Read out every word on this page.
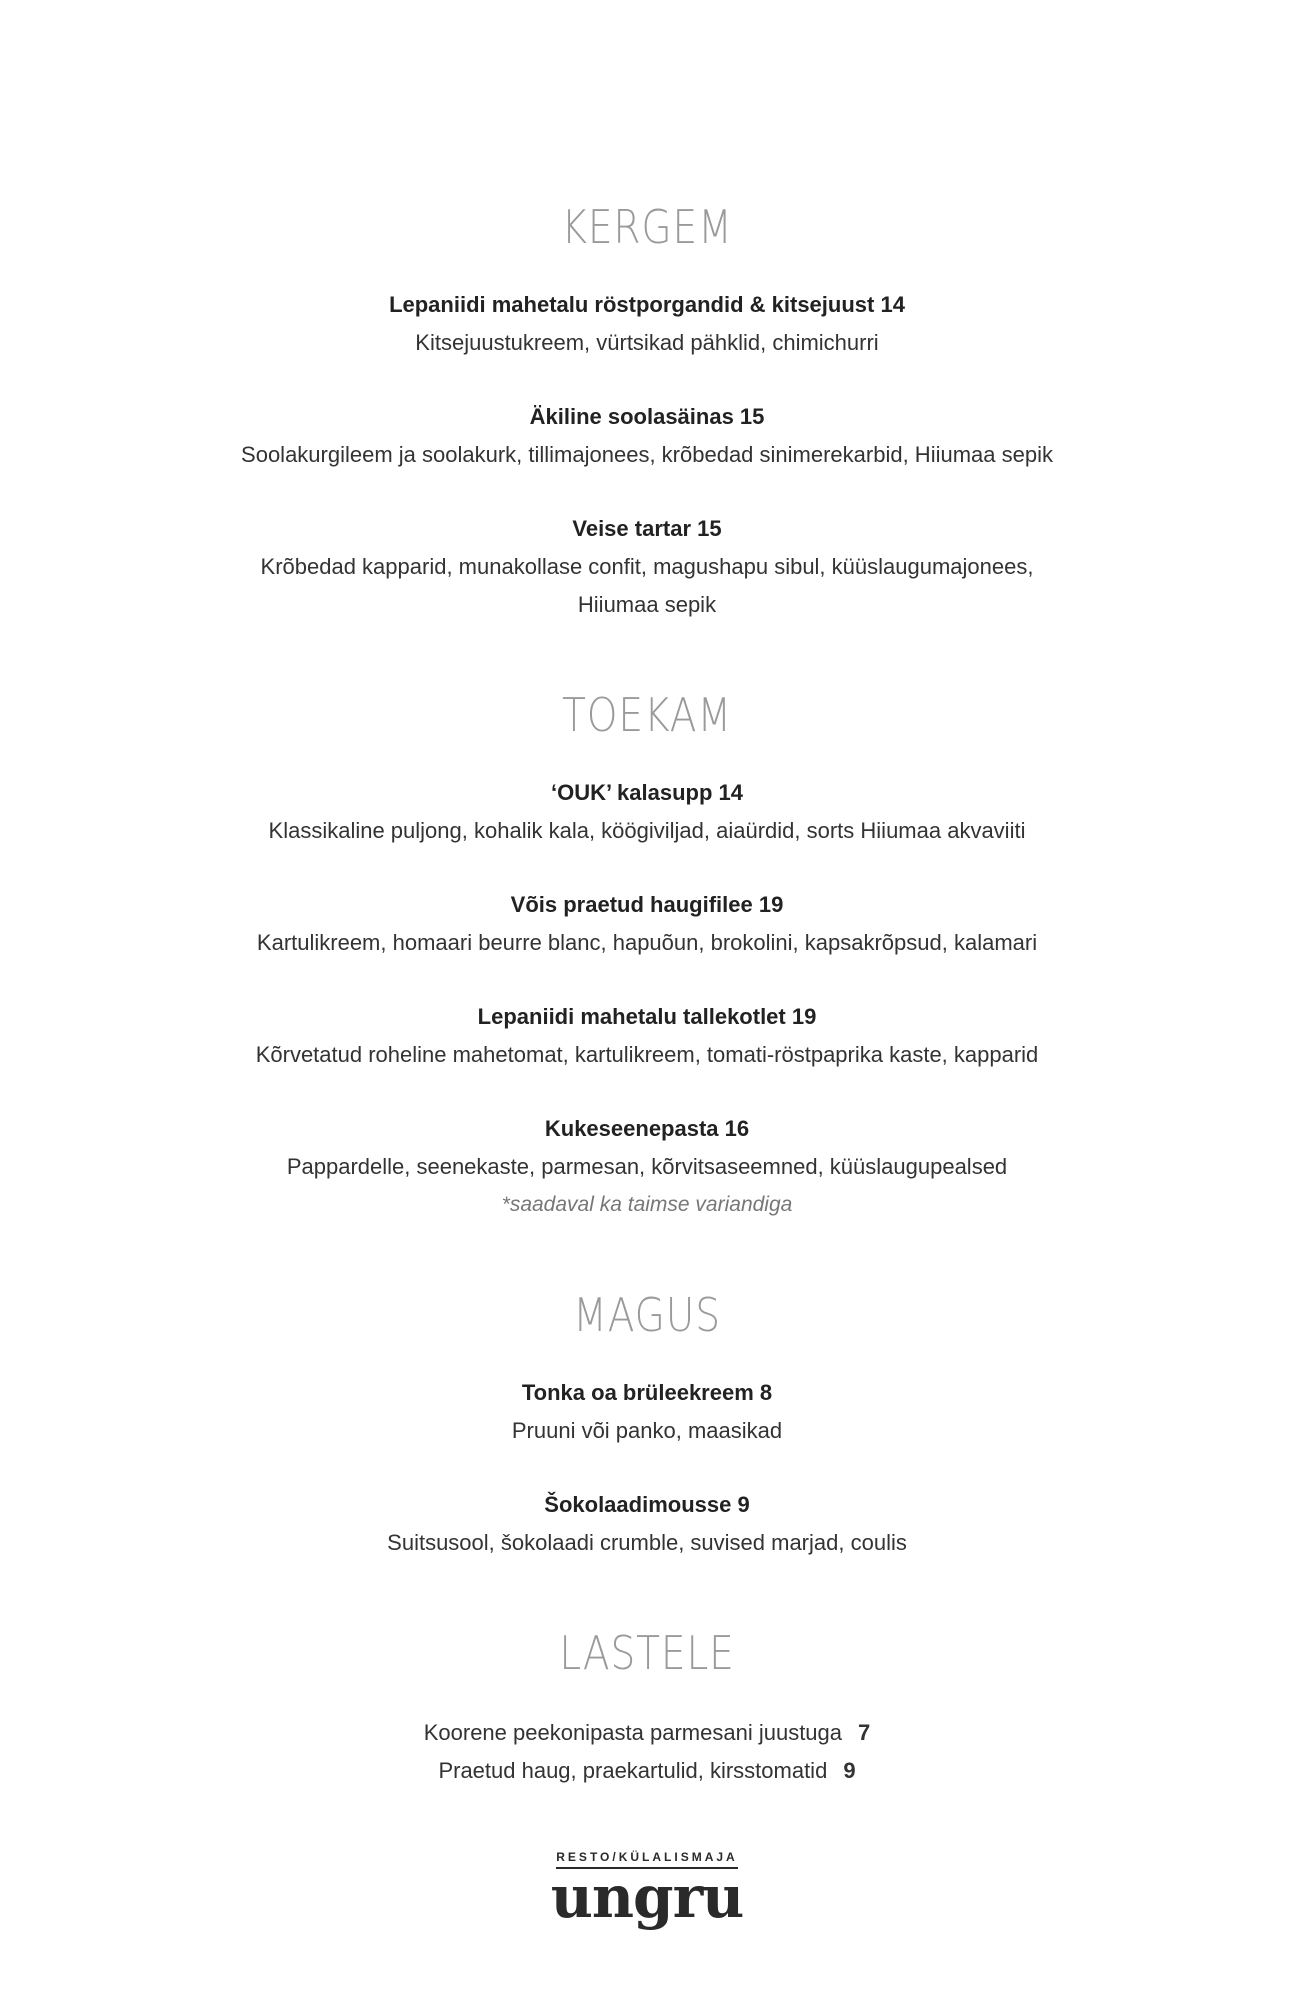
KERGEM
Lepaniidi mahetalu röstporgandid & kitsejuust 14
Kitsejuustukreem, vürtsikad pähklid, chimichurri
Äkiline soolasäinas 15
Soolakurgileem ja soolakurk, tillimajonees, krõbedad sinimerekarbid, Hiiumaa sepik
Veise tartar 15
Krõbedad kapparid, munakollase confit, magushapu sibul, küüslaugumajonees,
Hiiumaa sepik
TOEKAM
‘OUK’ kalasupp 14
Klassikaline puljong, kohalik kala, köögiviljad, aiaürdid, sorts Hiiumaa akvaviiti
Võis praetud haugifilee 19
Kartulikreem, homaari beurre blanc, hapuõun, brokolini, kapsakrõpsud, kalamari
Lepaniidi mahetalu tallekotlet 19
Kõrvetatud roheline mahetomat, kartulikreem, tomati-röstpaprika kaste, kapparid
Kukeseenepasta 16
Pappardelle, seenekaste, parmesan, kõrvitsaseemned, küüslaugupealsed
*saadaval ka taimse variandiga
MAGUS
Tonka oa brüleekreem 8
Pruuni või panko, maasikad
Šokolaadimousse 9
Suitsusool, šokolaadi crumble, suvised marjad, coulis
LASTELE
Koorene peekonipasta parmesani juustuga 7
Praetud haug, praekartulid, kirsstomatid 9
RESTO/KÜLALISMAJA
ungru
